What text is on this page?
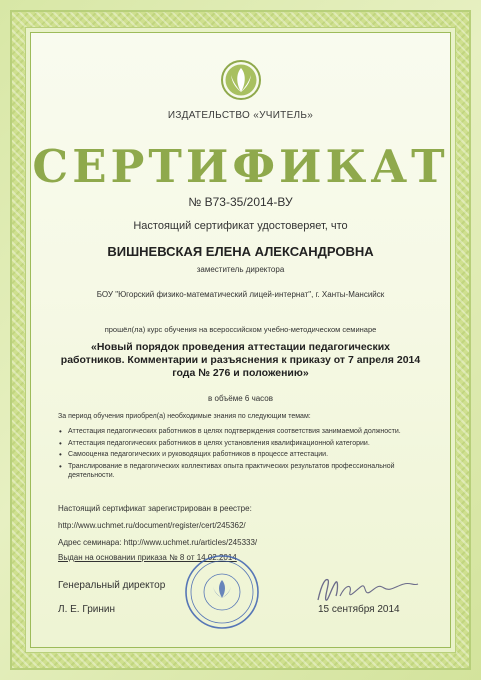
ИЗДАТЕЛЬСТВО «УЧИТЕЛЬ»
СЕРТИФИКАТ
№ В73-35/2014-ВУ
Настоящий сертификат удостоверяет, что
ВИШНЕВСКАЯ ЕЛЕНА АЛЕКСАНДРОВНА
заместитель директора
БОУ "Югорский физико-математический лицей-интернат", г. Ханты-Мансийск
прошёл(ла) курс обучения на всероссийском учебно-методическом семинаре
«Новый порядок проведения аттестации педагогических работников. Комментарии и разъяснения к приказу от 7 апреля 2014 года № 276 и положению»
в объёме 6 часов
За период обучения приобрел(а) необходимые знания по следующим темам:
• Аттестация педагогических работников в целях подтверждения соответствия занимаемой должности.
• Аттестация педагогических работников в целях установления квалификационной категории.
• Самооценка педагогических и руководящих работников в процессе аттестации.
• Транслирование в педагогических коллективах опыта практических результатов профессиональной деятельности.
Настоящий сертификат зарегистрирован в реестре:
http://www.uchmet.ru/document/register/cert/245362/
Адрес семинара: http://www.uchmet.ru/articles/245333/
Выдан на основании приказа № 8 от 14.02.2014
Генеральный директор
Л. Е. Гринин	15 сентября 2014
